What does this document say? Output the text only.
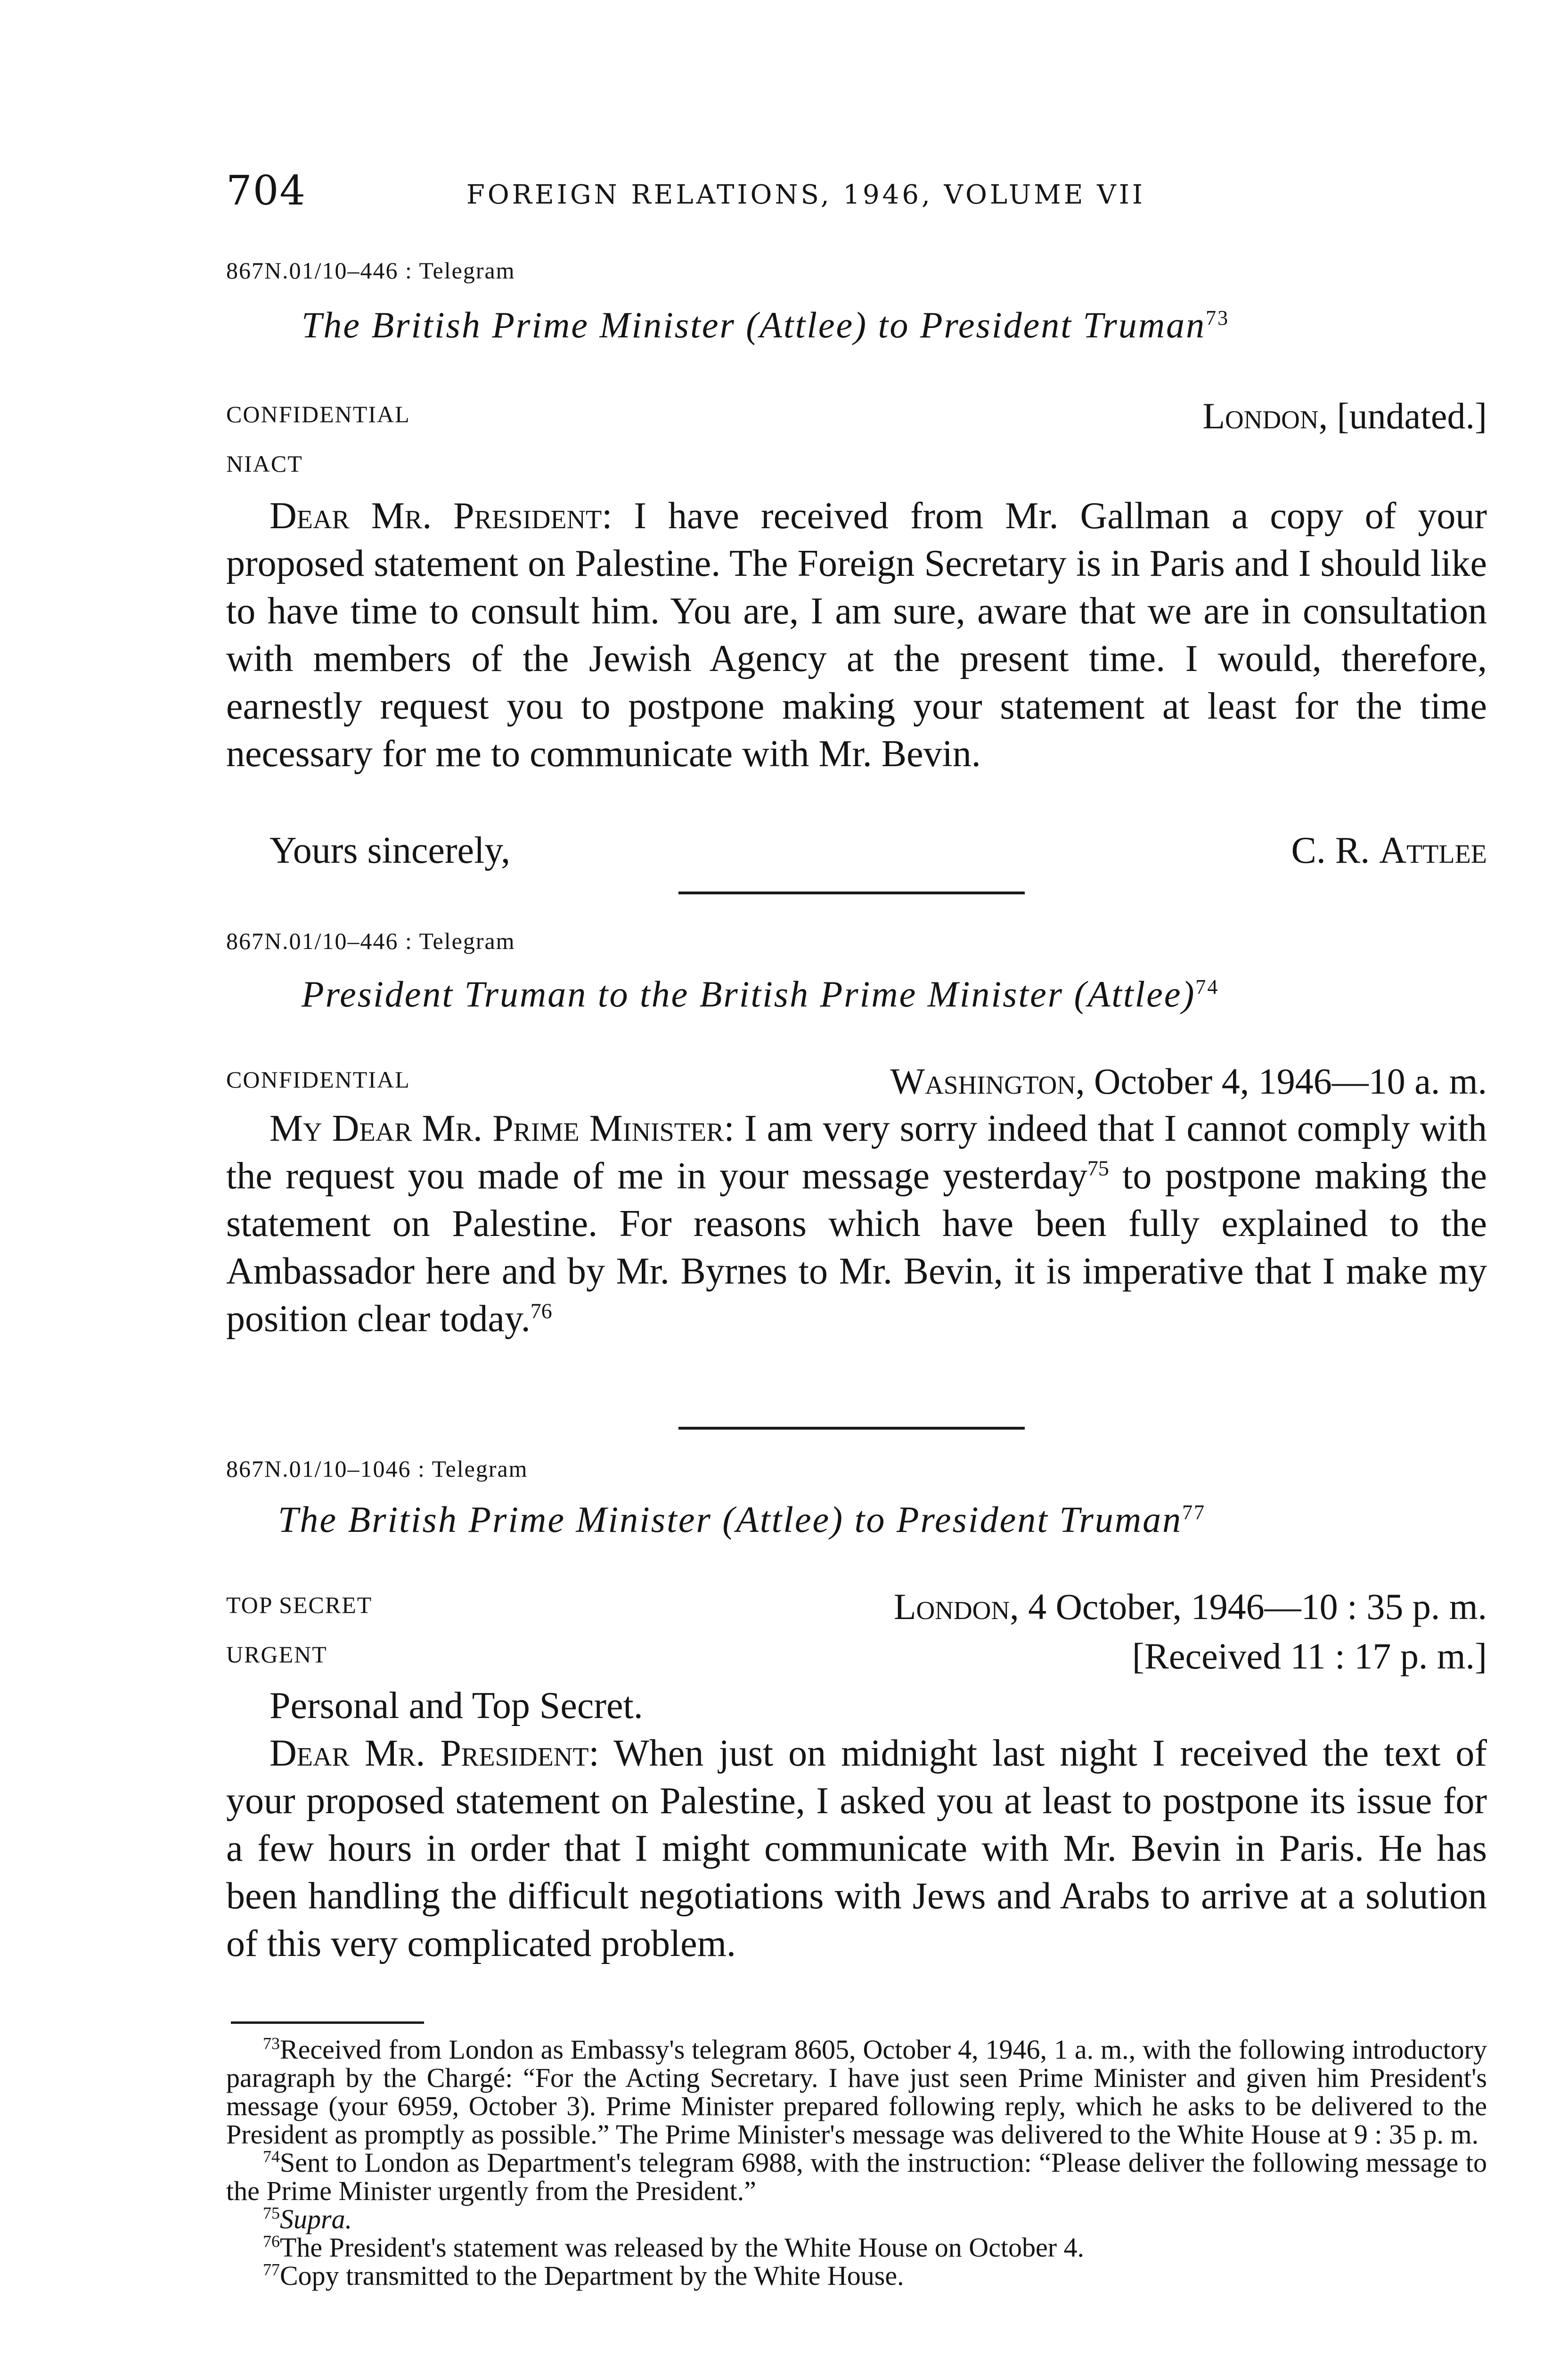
704	FOREIGN RELATIONS, 1946, VOLUME VII
867N.01/10–446 : Telegram
The British Prime Minister (Attlee) to President Truman$^{73}$
CONFIDENTIAL	London, [undated.]
NIACT
Dear Mr. President: I have received from Mr. Gallman a copy of your proposed statement on Palestine. The Foreign Secretary is in Paris and I should like to have time to consult him. You are, I am sure, aware that we are in consultation with members of the Jewish Agency at the present time. I would, therefore, earnestly request you to postpone making your statement at least for the time necessary for me to communicate with Mr. Bevin.
Yours sincerely,	C. R. Attlee
867N.01/10–446 : Telegram
President Truman to the British Prime Minister (Attlee)$^{74}$
CONFIDENTIAL	Washington, October 4, 1946—10 a. m.
My Dear Mr. Prime Minister: I am very sorry indeed that I cannot comply with the request you made of me in your message yesterday$^{75}$ to postpone making the statement on Palestine. For reasons which have been fully explained to the Ambassador here and by Mr. Byrnes to Mr. Bevin, it is imperative that I make my position clear today.$^{76}$
867N.01/10–1046 : Telegram
The British Prime Minister (Attlee) to President Truman$^{77}$
TOP SECRET	London, 4 October, 1946—10 : 35 p. m.
URGENT	[Received 11 : 17 p. m.]
Personal and Top Secret.
Dear Mr. President: When just on midnight last night I received the text of your proposed statement on Palestine, I asked you at least to postpone its issue for a few hours in order that I might communicate with Mr. Bevin in Paris. He has been handling the difficult negotiations with Jews and Arabs to arrive at a solution of this very complicated problem.
$^{73}$Received from London as Embassy's telegram 8605, October 4, 1946, 1 a. m., with the following introductory paragraph by the Chargé: “For the Acting Secretary. I have just seen Prime Minister and given him President's message (your 6959, October 3). Prime Minister prepared following reply, which he asks to be delivered to the President as promptly as possible.” The Prime Minister's message was delivered to the White House at 9 : 35 p. m.
$^{74}$Sent to London as Department's telegram 6988, with the instruction: “Please deliver the following message to the Prime Minister urgently from the President.”
$^{75}$Supra.
$^{76}$The President's statement was released by the White House on October 4.
$^{77}$Copy transmitted to the Department by the White House.
